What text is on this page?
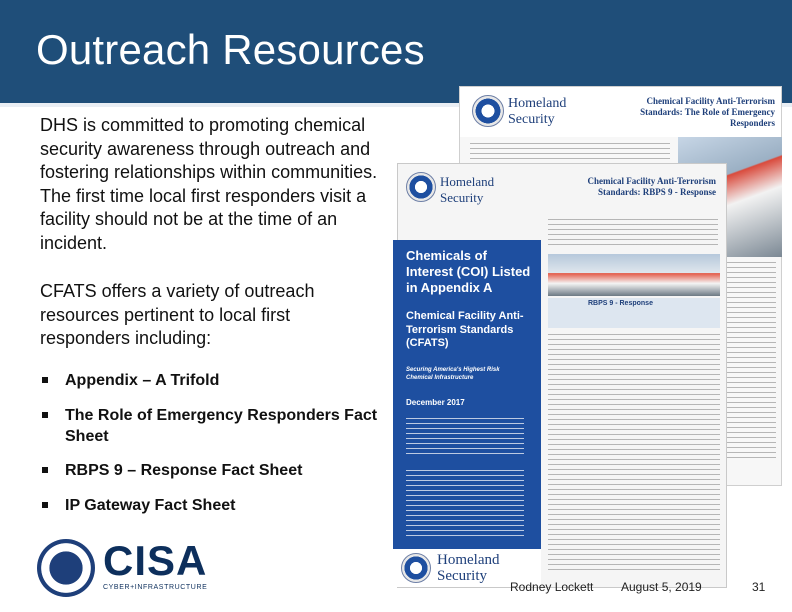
Outreach Resources
DHS is committed to promoting chemical security awareness through outreach and fostering relationships within communities. The first time local first responders visit a facility should not be at the time of an incident.
CFATS offers a variety of outreach resources pertinent to local first responders including:
Appendix – A Trifold
The Role of Emergency Responders Fact Sheet
RBPS 9 – Response Fact Sheet
IP Gateway Fact Sheet
Homeland Security
Chemical Facility Anti-Terrorism Standards: The Role of Emergency Responders
Homeland Security
Chemical Facility Anti-Terrorism Standards: RBPS 9 - Response
RBPS 9 - Response
Chemicals of Interest (COI) Listed in Appendix A
Chemical Facility Anti-Terrorism Standards (CFATS)
Securing America's Highest Risk Chemical Infrastructure
December 2017
Homeland Security
CISA
CYBER+INFRASTRUCTURE	Rodney Lockett August 5, 2019	31
